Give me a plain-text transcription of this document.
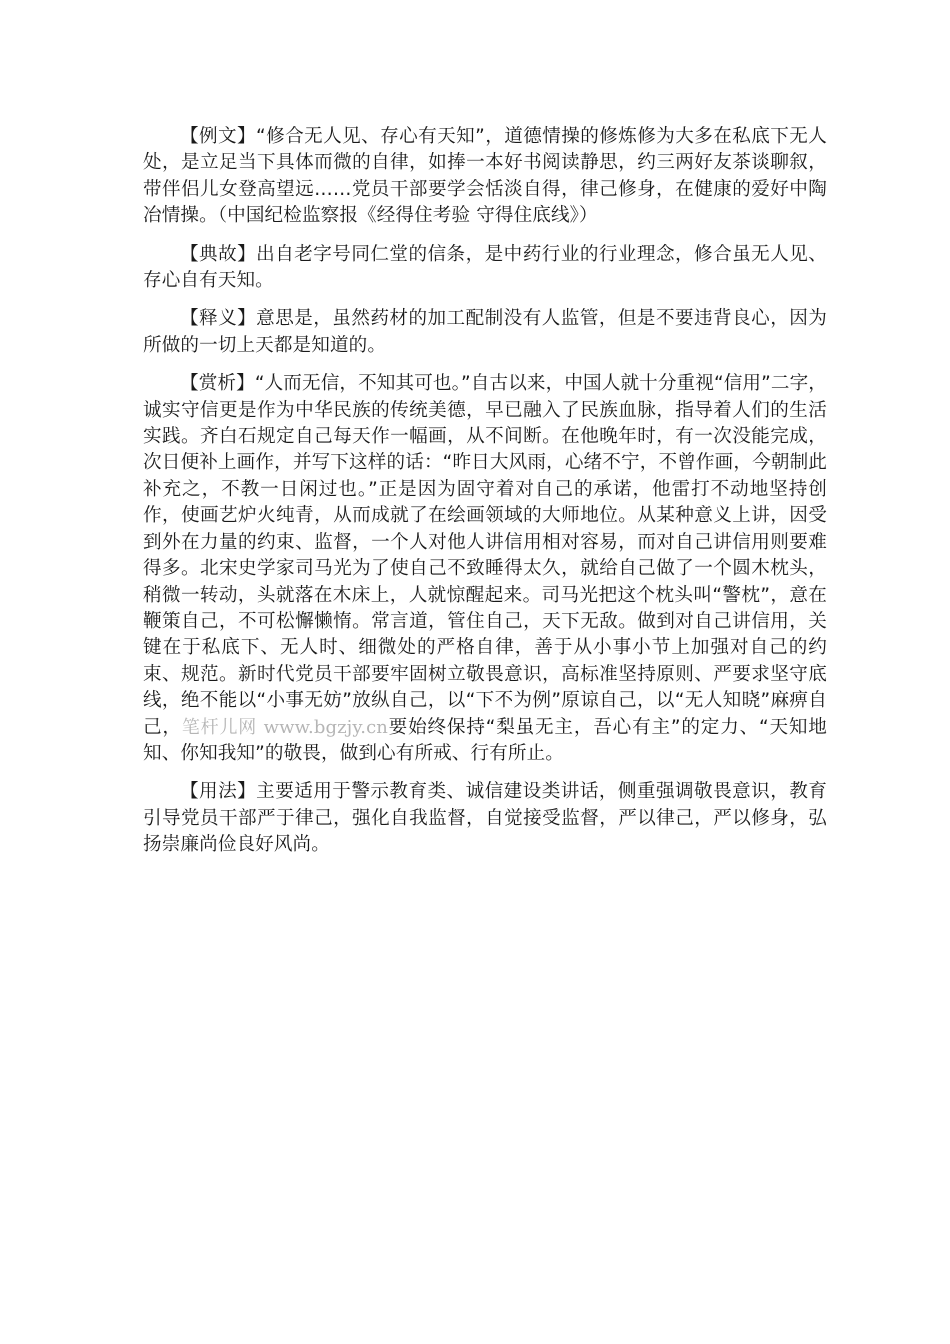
【例文】“修合无人见、存心有天知”，道德情操的修炼修为大多在私底下无人处，是立足当下具体而微的自律，如捧一本好书阅读静思，约三两好友茶谈聊叙，带伴侣儿女登高望远……党员干部要学会恬淡自得，律己修身，在健康的爱好中陶冶情操。（中国纪检监察报《经得住考验 守得住底线》）

【典故】出自老字号同仁堂的信条，是中药行业的行业理念，修合虽无人见、存心自有天知。

【释义】意思是，虽然药材的加工配制没有人监管，但是不要违背良心，因为所做的一切上天都是知道的。

【赏析】“人而无信，不知其可也。”自古以来，中国人就十分重视“信用”二字，诚实守信更是作为中华民族的传统美德，早已融入了民族血脉，指导着人们的生活实践。齐白石规定自己每天作一幅画，从不间断。在他晚年时，有一次没能完成，次日便补上画作，并写下这样的话：“昨日大风雨，心绪不宁，不曾作画，今朝制此补充之，不教一日闲过也。”正是因为固守着对自己的承诺，他雷打不动地坚持创作，使画艺炉火纯青，从而成就了在绘画领域的大师地位。从某种意义上讲，因受到外在力量的约束、监督，一个人对他人讲信用相对容易，而对自己讲信用则要难得多。北宋史学家司马光为了使自己不致睡得太久，就给自己做了一个圆木枕头，稍微一转动，头就落在木床上，人就惊醒起来。司马光把这个枕头叫“警枕”，意在鞭策自己，不可松懈懒惰。常言道，管住自己，天下无敌。做到对自己讲信用，关键在于私底下、无人时、细微处的严格自律，善于从小事小节上加强对自己的约束、规范。新时代党员干部要牢固树立敬畏意识，高标准坚持原则、严要求坚守底线，绝不能以“小事无妨”放纵自己，以“下不为例”原谅自己，以“无人知晓”麻痹自己，笔杆儿网 www.bgzjy.cn要始终保持“梨虽无主，吾心有主”的定力、“天知地知、你知我知”的敬畏，做到心有所戒、行有所止。

【用法】主要适用于警示教育类、诚信建设类讲话，侧重强调敬畏意识，教育引导党员干部严于律己，强化自我监督，自觉接受监督，严以律己，严以修身，弘扬崇廉尚俭良好风尚。
